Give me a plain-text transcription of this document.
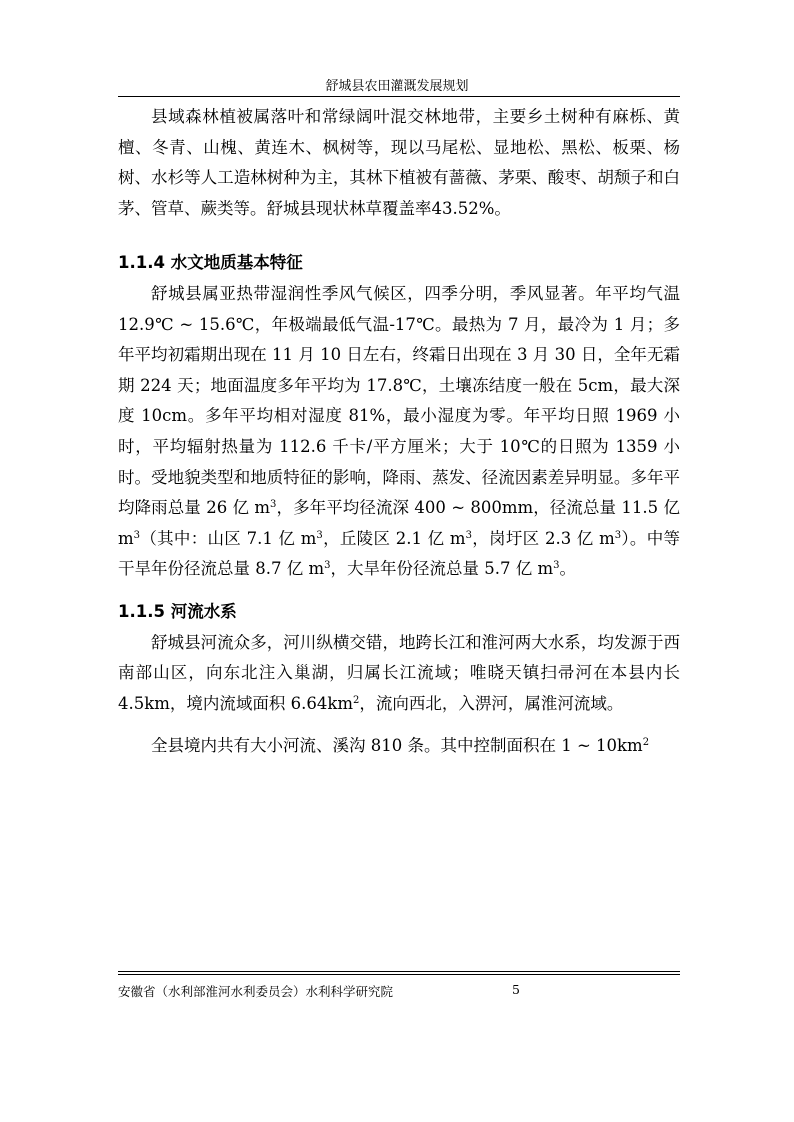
舒城县农田灌溉发展规划

县域森林植被属落叶和常绿阔叶混交林地带，主要乡土树种有麻栎、黄檀、冬青、山槐、黄连木、枫树等，现以马尾松、显地松、黑松、板栗、杨树、水杉等人工造林树种为主，其林下植被有蔷薇、茅栗、酸枣、胡颓子和白茅、管草、蕨类等。舒城县现状林草覆盖率43.52%。

1.1.4 水文地质基本特征

舒城县属亚热带湿润性季风气候区，四季分明，季风显著。年平均气温 12.9℃ ~ 15.6℃，年极端最低气温-17℃。最热为 7 月，最冷为 1 月；多年平均初霜期出现在 11 月 10 日左右，终霜日出现在 3 月 30 日，全年无霜期 224 天；地面温度多年平均为 17.8℃，土壤冻结度一般在 5cm，最大深度 10cm。多年平均相对湿度 81%，最小湿度为零。年平均日照 1969 小时，平均辐射热量为 112.6 千卡/平方厘米；大于 10℃的日照为 1359 小时。受地貌类型和地质特征的影响，降雨、蒸发、径流因素差异明显。多年平均降雨总量 26 亿 $m^3$，多年平均径流深 400 ~ 800mm，径流总量 11.5 亿 $m^3$（其中：山区 7.1 亿 $m^3$，丘陵区 2.1 亿 $m^3$，岗圩区 2.3 亿 $m^3$）。中等干旱年份径流总量 8.7 亿 $m^3$，大旱年份径流总量 5.7 亿 $m^3$。

1.1.5 河流水系

舒城县河流众多，河川纵横交错，地跨长江和淮河两大水系，均发源于西南部山区，向东北注入巢湖，归属长江流域；唯晓天镇扫帚河在本县内长 4.5km，境内流域面积 $6.64km^2$，流向西北，入淠河，属淮河流域。

全县境内共有大小河流、溪沟 810 条。其中控制面积在 1 ~ $10km^2$

安徽省（水利部淮河水利委员会）水利科学研究院	5
